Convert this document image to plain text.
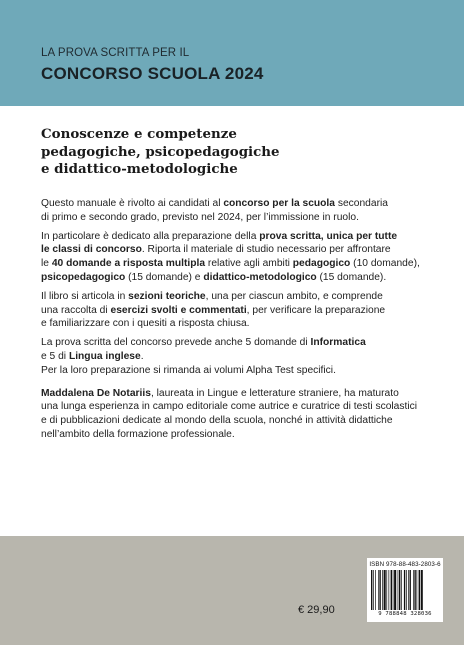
LA PROVA SCRITTA PER IL
CONCORSO SCUOLA 2024
Conoscenze e competenze
pedagogiche, psicopedagogiche
e didattico-metodologiche
Questo manuale è rivolto ai candidati al concorso per la scuola secondaria
di primo e secondo grado, previsto nel 2024, per l’immissione in ruolo.
In particolare è dedicato alla preparazione della prova scritta, unica per tutte
le classi di concorso. Riporta il materiale di studio necessario per affrontare
le 40 domande a risposta multipla relative agli ambiti pedagogico (10 domande),
psicopedagogico (15 domande) e didattico-metodologico (15 domande).
Il libro si articola in sezioni teoriche, una per ciascun ambito, e comprende
una raccolta di esercizi svolti e commentati, per verificare la preparazione
e familiarizzare con i quesiti a risposta chiusa.
La prova scritta del concorso prevede anche 5 domande di Informatica
e 5 di Lingua inglese.
Per la loro preparazione si rimanda ai volumi Alpha Test specifici.
Maddalena De Notariis, laureata in Lingue e letterature straniere, ha maturato
una lunga esperienza in campo editoriale come autrice e curatrice di testi scolastici
e di pubblicazioni dedicate al mondo della scuola, nonché in attività didattiche
nell’ambito della formazione professionale.
ISBN 978-88-483-2803-6
9 788848 328036
€ 29,90
